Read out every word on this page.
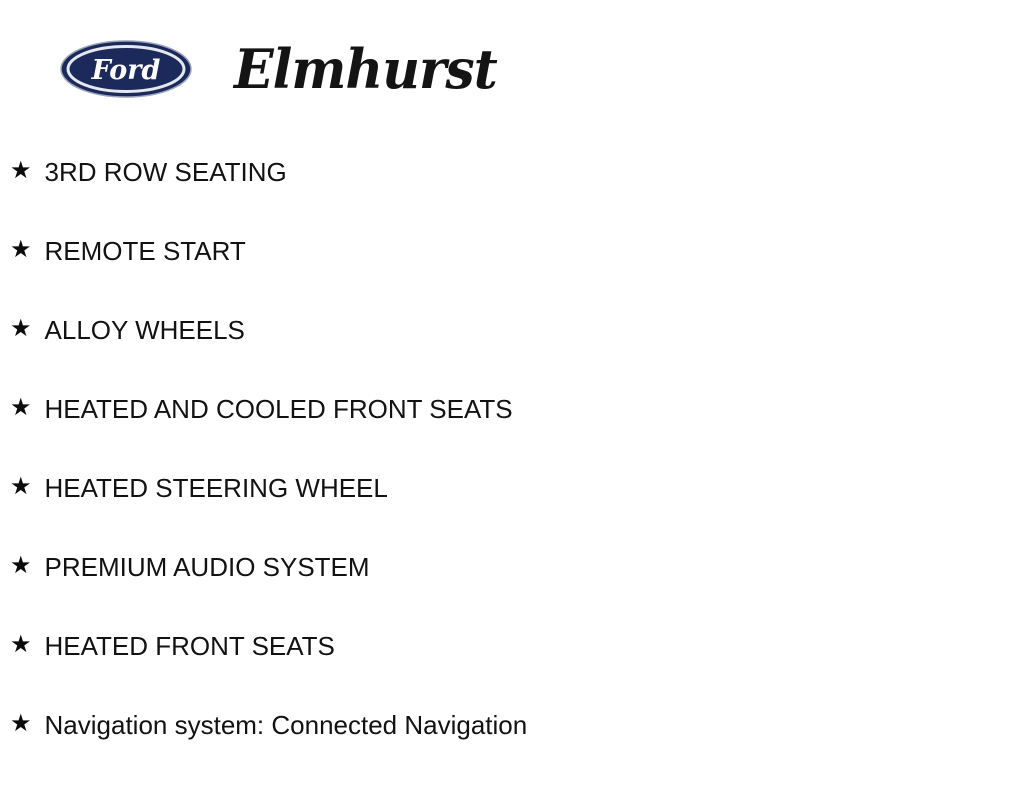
Ford Elmhurst
★ 3RD ROW SEATING
★ REMOTE START
★ ALLOY WHEELS
★ HEATED AND COOLED FRONT SEATS
★ HEATED STEERING WHEEL
★ PREMIUM AUDIO SYSTEM
★ HEATED FRONT SEATS
★ Navigation system: Connected Navigation
